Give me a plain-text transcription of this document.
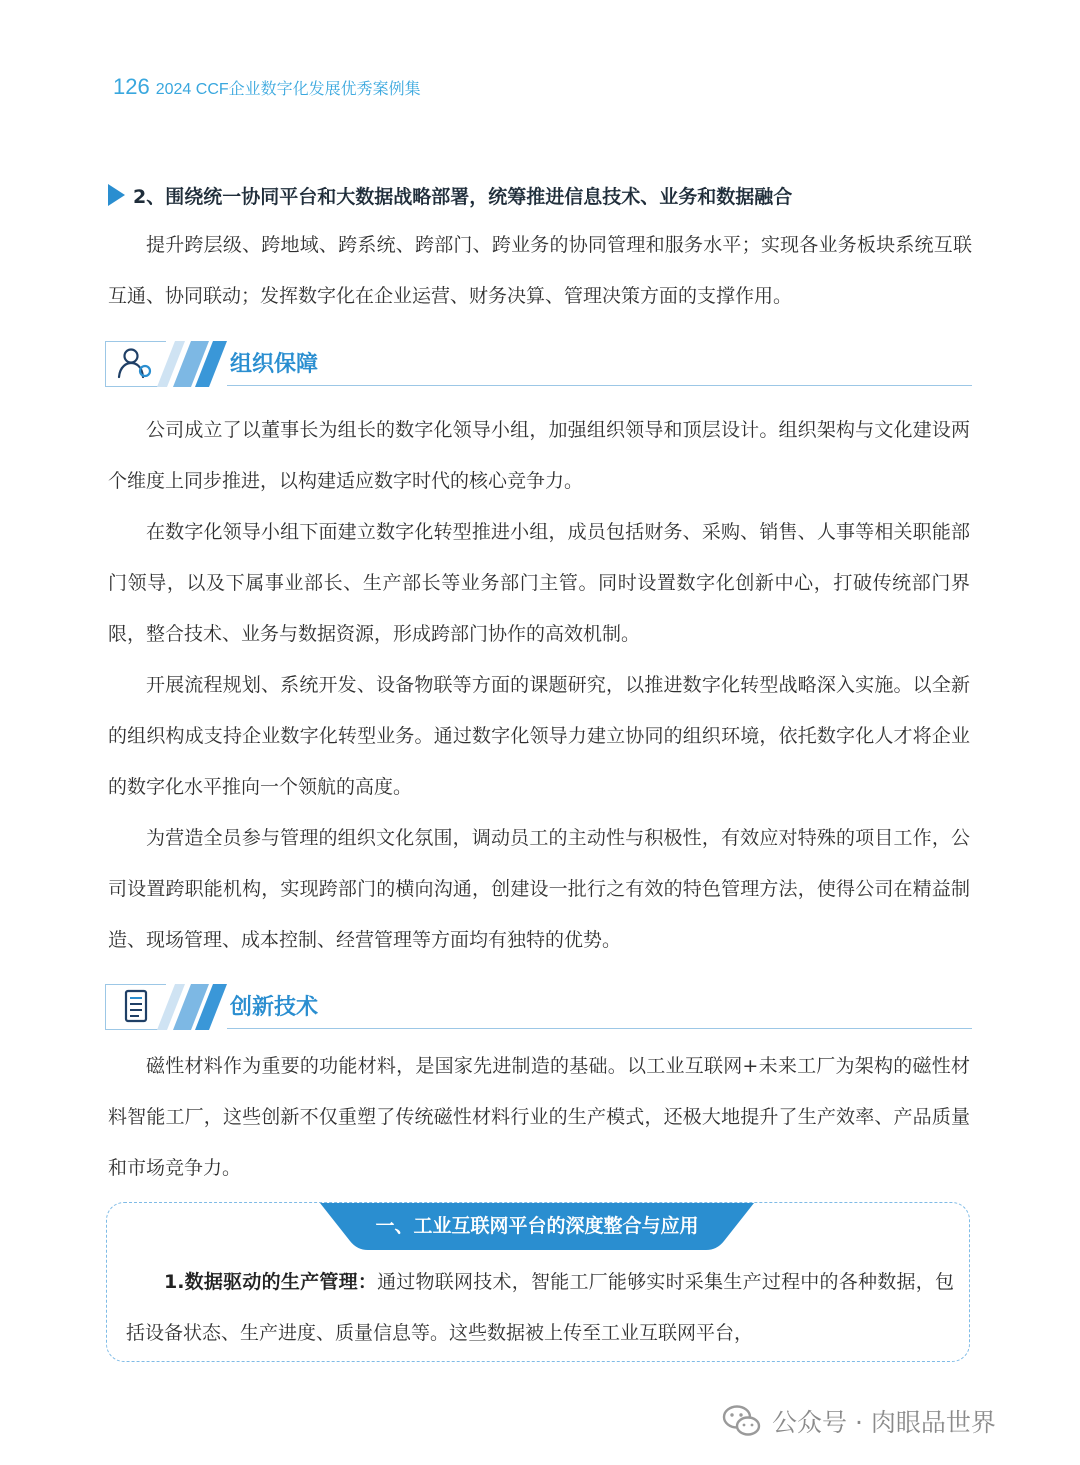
126 2024 CCF企业数字化发展优秀案例集
2、围绕统一协同平台和大数据战略部署，统筹推进信息技术、业务和数据融合

提升跨层级、跨地域、跨系统、跨部门、跨业务的协同管理和服务水平；实现各业务板块系统互联互通、协同联动；发挥数字化在企业运营、财务决算、管理决策方面的支撑作用。

组织保障

公司成立了以董事长为组长的数字化领导小组，加强组织领导和顶层设计。组织架构与文化建设两个维度上同步推进，以构建适应数字时代的核心竞争力。

在数字化领导小组下面建立数字化转型推进小组，成员包括财务、采购、销售、人事等相关职能部门领导，以及下属事业部长、生产部长等业务部门主管。同时设置数字化创新中心，打破传统部门界限，整合技术、业务与数据资源，形成跨部门协作的高效机制。

开展流程规划、系统开发、设备物联等方面的课题研究，以推进数字化转型战略深入实施。以全新的组织构成支持企业数字化转型业务。通过数字化领导力建立协同的组织环境，依托数字化人才将企业的数字化水平推向一个领航的高度。

为营造全员参与管理的组织文化氛围，调动员工的主动性与积极性，有效应对特殊的项目工作，公司设置跨职能机构，实现跨部门的横向沟通，创建设一批行之有效的特色管理方法，使得公司在精益制造、现场管理、成本控制、经营管理等方面均有独特的优势。

创新技术

磁性材料作为重要的功能材料，是国家先进制造的基础。以工业互联网+未来工厂为架构的磁性材料智能工厂，这些创新不仅重塑了传统磁性材料行业的生产模式，还极大地提升了生产效率、产品质量和市场竞争力。

一、工业互联网平台的深度整合与应用

1.数据驱动的生产管理：通过物联网技术，智能工厂能够实时采集生产过程中的各种数据，包括设备状态、生产进度、质量信息等。这些数据被上传至工业互联网平台，

公众号 · 肉眼品世界
